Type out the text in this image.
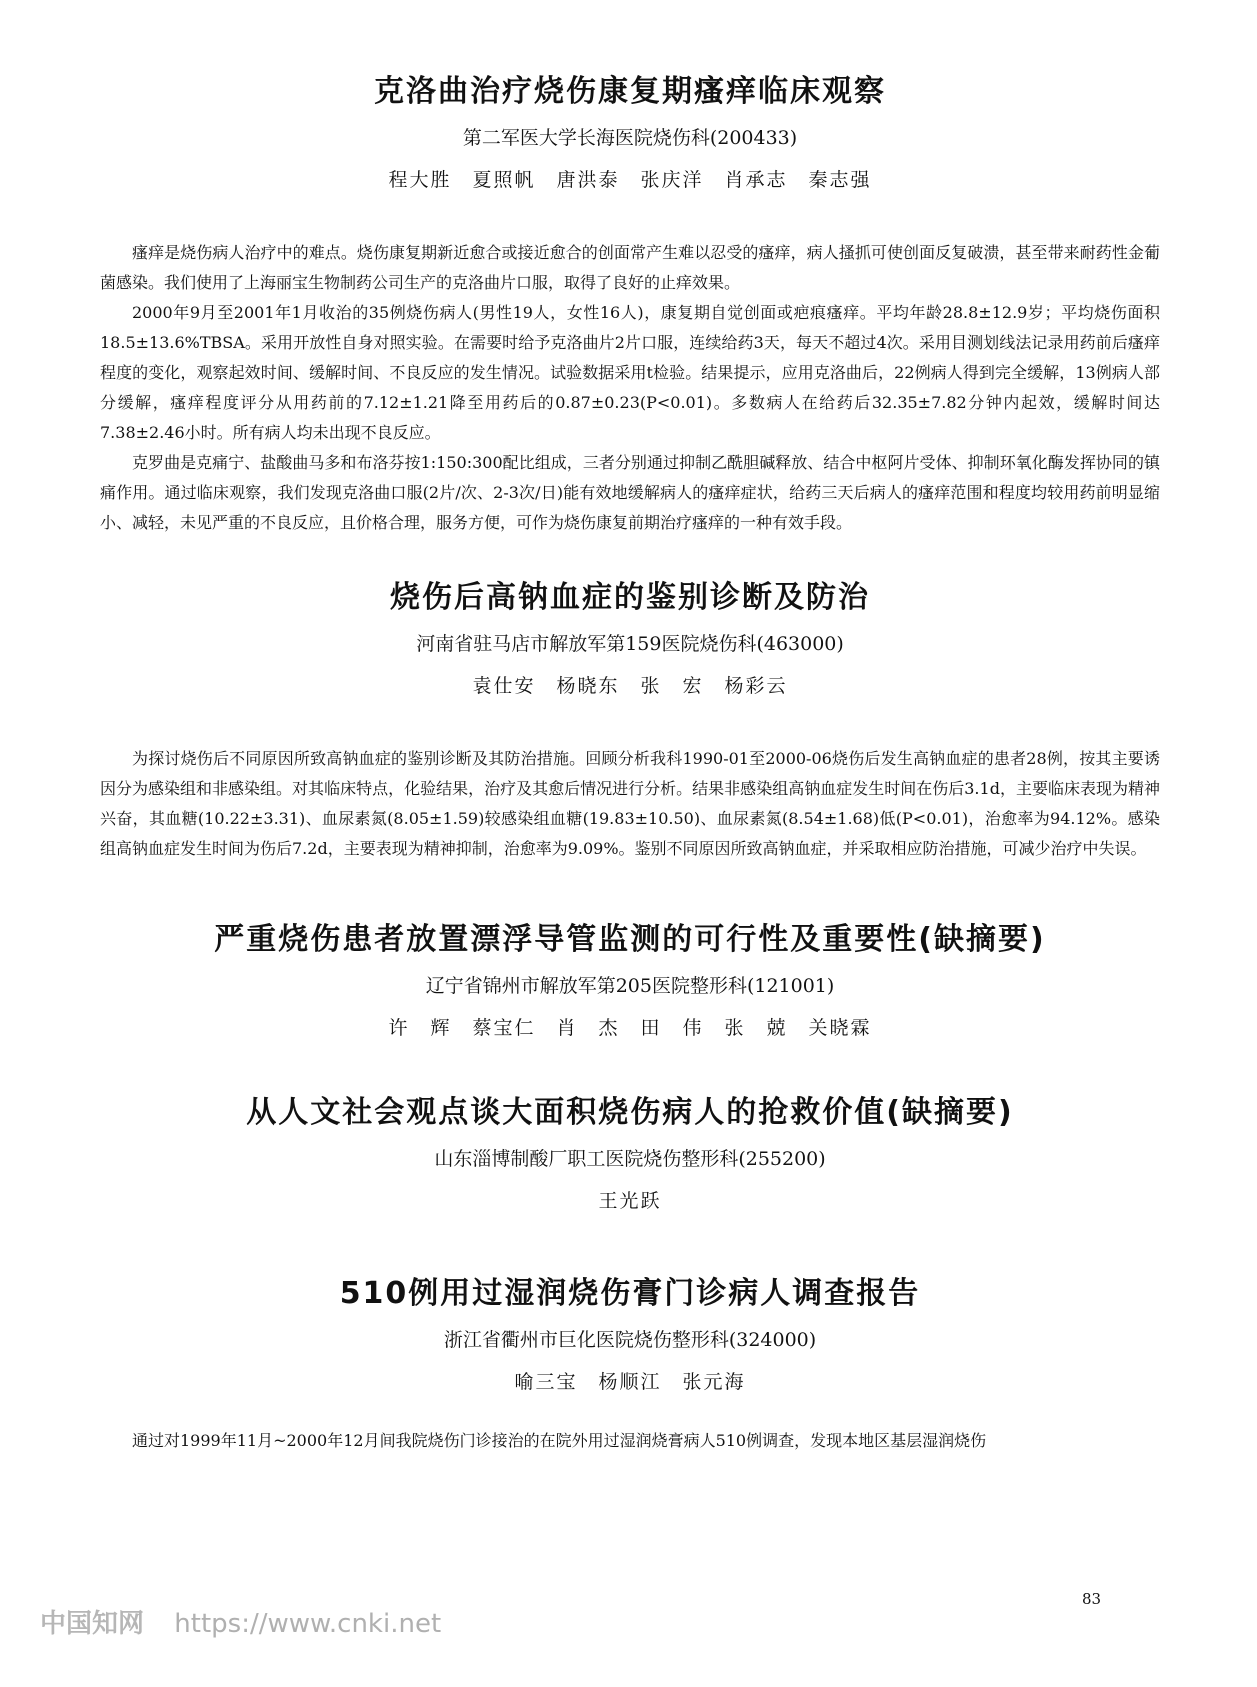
克洛曲治疗烧伤康复期瘙痒临床观察
第二军医大学长海医院烧伤科(200433)
程大胜　夏照帆　唐洪泰　张庆洋　肖承志　秦志强

瘙痒是烧伤病人治疗中的难点。烧伤康复期新近愈合或接近愈合的创面常产生难以忍受的瘙痒，病人搔抓可使创面反复破溃，甚至带来耐药性金葡菌感染。我们使用了上海丽宝生物制药公司生产的克洛曲片口服，取得了良好的止痒效果。

2000年9月至2001年1月收治的35例烧伤病人(男性19人，女性16人)，康复期自觉创面或疤痕瘙痒。平均年龄28.8±12.9岁；平均烧伤面积18.5±13.6%TBSA。采用开放性自身对照实验。在需要时给予克洛曲片2片口服，连续给药3天，每天不超过4次。采用目测划线法记录用药前后瘙痒程度的变化，观察起效时间、缓解时间、不良反应的发生情况。试验数据采用t检验。结果提示，应用克洛曲后，22例病人得到完全缓解，13例病人部分缓解，瘙痒程度评分从用药前的7.12±1.21降至用药后的0.87±0.23(P<0.01)。多数病人在给药后32.35±7.82分钟内起效，缓解时间达7.38±2.46小时。所有病人均未出现不良反应。

克罗曲是克痛宁、盐酸曲马多和布洛芬按1:150:300配比组成，三者分别通过抑制乙酰胆碱释放、结合中枢阿片受体、抑制环氧化酶发挥协同的镇痛作用。通过临床观察，我们发现克洛曲口服(2片/次、2-3次/日)能有效地缓解病人的瘙痒症状，给药三天后病人的瘙痒范围和程度均较用药前明显缩小、减轻，未见严重的不良反应，且价格合理，服务方便，可作为烧伤康复前期治疗瘙痒的一种有效手段。

烧伤后高钠血症的鉴别诊断及防治
河南省驻马店市解放军第159医院烧伤科(463000)
袁仕安　杨晓东　张　宏　杨彩云

为探讨烧伤后不同原因所致高钠血症的鉴别诊断及其防治措施。回顾分析我科1990-01至2000-06烧伤后发生高钠血症的患者28例，按其主要诱因分为感染组和非感染组。对其临床特点，化验结果，治疗及其愈后情况进行分析。结果非感染组高钠血症发生时间在伤后3.1d，主要临床表现为精神兴奋，其血糖(10.22±3.31)、血尿素氮(8.05±1.59)较感染组血糖(19.83±10.50)、血尿素氮(8.54±1.68)低(P<0.01)，治愈率为94.12%。感染组高钠血症发生时间为伤后7.2d，主要表现为精神抑制，治愈率为9.09%。鉴别不同原因所致高钠血症，并采取相应防治措施，可减少治疗中失误。

严重烧伤患者放置漂浮导管监测的可行性及重要性(缺摘要)
辽宁省锦州市解放军第205医院整形科(121001)
许　辉　蔡宝仁　肖　杰　田　伟　张　兢　关晓霖
从人文社会观点谈大面积烧伤病人的抢救价值(缺摘要)
山东淄博制酸厂职工医院烧伤整形科(255200)
王光跃
510例用过湿润烧伤膏门诊病人调查报告
浙江省衢州市巨化医院烧伤整形科(324000)
喻三宝　杨顺江　张元海

通过对1999年11月~2000年12月间我院烧伤门诊接治的在院外用过湿润烧膏病人510例调查，发现本地区基层湿润烧伤

83
中国知网 https://www.cnki.net
